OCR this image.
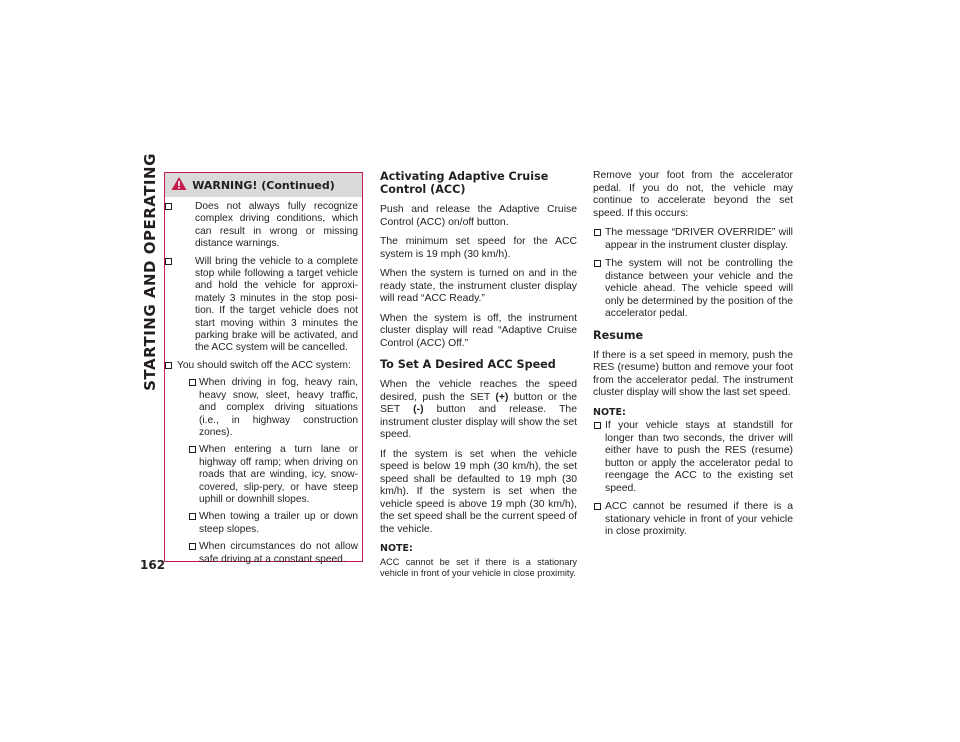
STARTING AND OPERATING
162
WARNING! (Continued)
Does not always fully recognize complex driving conditions, which can result in wrong or missing distance warnings.
Will bring the vehicle to a complete stop while following a target vehicle and hold the vehicle for approxi-mately 3 minutes in the stop posi-tion. If the target vehicle does not start moving within 3 minutes the parking brake will be activated, and the ACC system will be cancelled.
You should switch off the ACC system:
When driving in fog, heavy rain, heavy snow, sleet, heavy traffic, and complex driving situations (i.e., in highway construction zones).
When entering a turn lane or highway off ramp; when driving on roads that are winding, icy, snow-covered, slip-pery, or have steep uphill or downhill slopes.
When towing a trailer up or down steep slopes.
When circumstances do not allow safe driving at a constant speed.
Activating Adaptive Cruise Control (ACC)

Push and release the Adaptive Cruise Control (ACC) on/off button.

The minimum set speed for the ACC system is 19 mph (30 km/h).

When the system is turned on and in the ready state, the instrument cluster display will read “ACC Ready.”

When the system is off, the instrument cluster display will read “Adaptive Cruise Control (ACC) Off.”

To Set A Desired ACC Speed

When the vehicle reaches the speed desired, push the SET (+) button or the SET (-) button and release. The instrument cluster display will show the set speed.

If the system is set when the vehicle speed is below 19 mph (30 km/h), the set speed shall be defaulted to 19 mph (30 km/h). If the system is set when the vehicle speed is above 19 mph (30 km/h), the set speed shall be the current speed of the vehicle.

NOTE:

ACC cannot be set if there is a stationary vehicle in front of your vehicle in close proximity.

Remove your foot from the accelerator pedal. If you do not, the vehicle may continue to accelerate beyond the set speed. If this occurs:

The message “DRIVER OVERRIDE” will appear in the instrument cluster display.
The system will not be controlling the distance between your vehicle and the vehicle ahead. The vehicle speed will only be determined by the position of the accelerator pedal.
Resume

If there is a set speed in memory, push the RES (resume) button and remove your foot from the accelerator pedal. The instrument cluster display will show the last set speed.

NOTE:
If your vehicle stays at standstill for longer than two seconds, the driver will either have to push the RES (resume) button or apply the accelerator pedal to reengage the ACC to the existing set speed.
ACC cannot be resumed if there is a stationary vehicle in front of your vehicle in close proximity.
